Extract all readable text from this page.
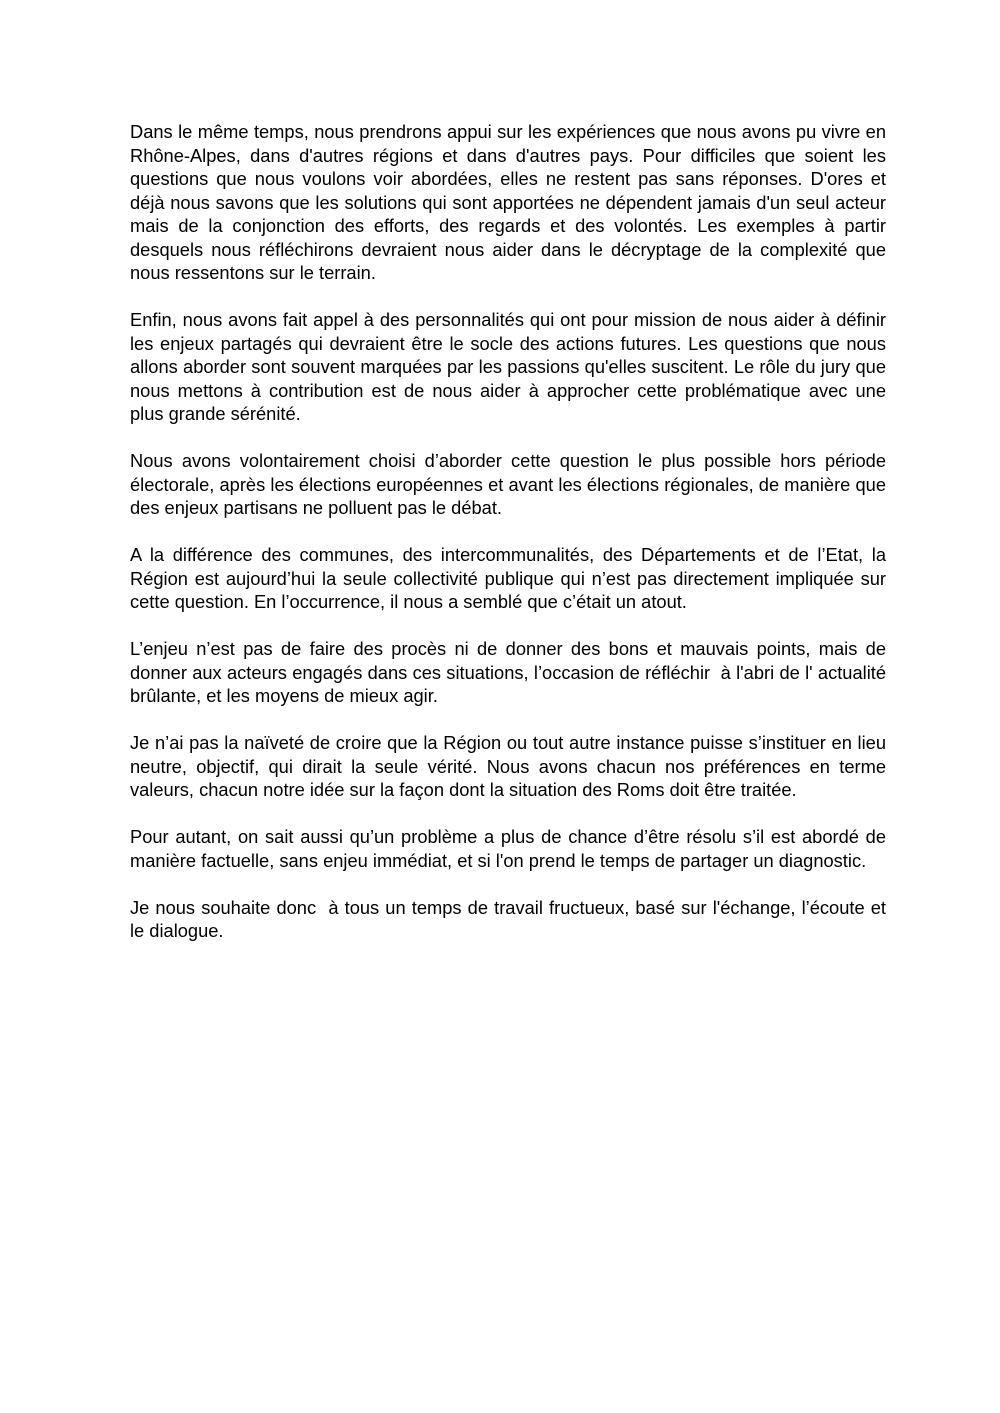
Dans le même temps, nous prendrons appui sur les expériences que nous avons pu vivre en Rhône-Alpes, dans d'autres régions et dans d'autres pays. Pour difficiles que soient les questions que nous voulons voir abordées, elles ne restent pas sans réponses. D'ores et déjà nous savons que les solutions qui sont apportées ne dépendent jamais d'un seul acteur mais de la conjonction des efforts, des regards et des volontés. Les exemples à partir desquels nous réfléchirons devraient nous aider dans le décryptage de la complexité que nous ressentons sur le terrain.

Enfin, nous avons fait appel à des personnalités qui ont pour mission de nous aider à définir les enjeux partagés qui devraient être le socle des actions futures. Les questions que nous allons aborder sont souvent marquées par les passions qu'elles suscitent. Le rôle du jury que nous mettons à contribution est de nous aider à approcher cette problématique avec une plus grande sérénité.

Nous avons volontairement choisi d’aborder cette question le plus possible hors période électorale, après les élections européennes et avant les élections régionales, de manière que des enjeux partisans ne polluent pas le débat.

A la différence des communes, des intercommunalités, des Départements et de l’Etat, la Région est aujourd’hui la seule collectivité publique qui n’est pas directement impliquée sur cette question. En l’occurrence, il nous a semblé que c’était un atout.

L’enjeu n’est pas de faire des procès ni de donner des bons et mauvais points, mais de donner aux acteurs engagés dans ces situations, l’occasion de réfléchir  à l'abri de l' actualité brûlante, et les moyens de mieux agir.

Je n’ai pas la naïveté de croire que la Région ou tout autre instance puisse s’instituer en lieu neutre, objectif, qui dirait la seule vérité. Nous avons chacun nos préférences en terme valeurs, chacun notre idée sur la façon dont la situation des Roms doit être traitée.

Pour autant, on sait aussi qu’un problème a plus de chance d’être résolu s’il est abordé de manière factuelle, sans enjeu immédiat, et si l'on prend le temps de partager un diagnostic.

Je nous souhaite donc  à tous un temps de travail fructueux, basé sur l'échange, l’écoute et le dialogue.
